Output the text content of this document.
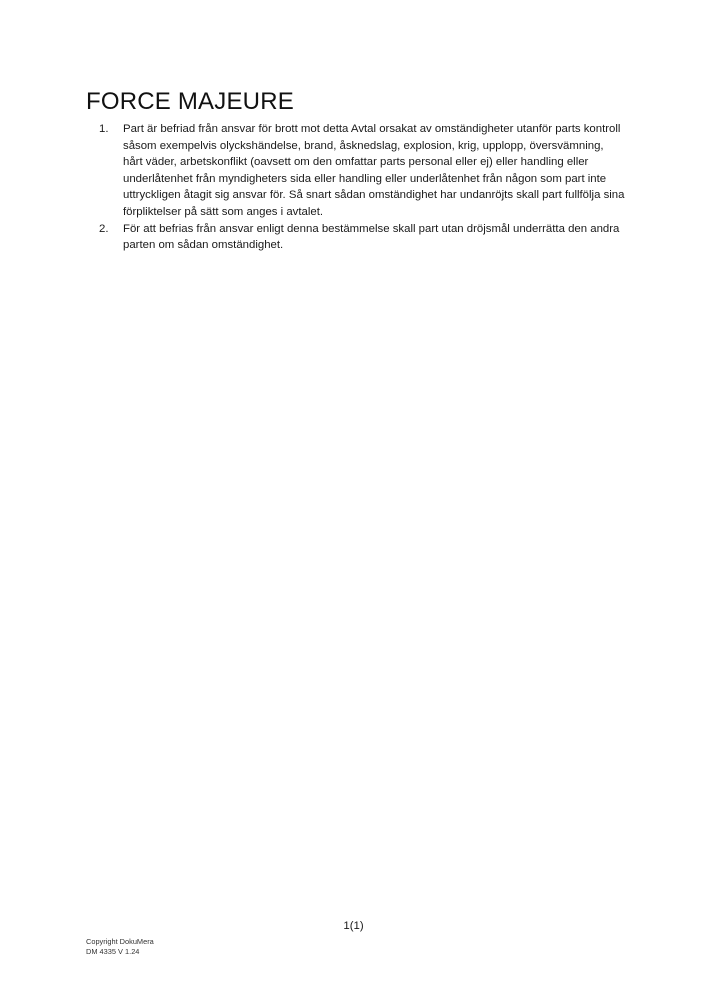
FORCE MAJEURE
1.	Part är befriad från ansvar för brott mot detta Avtal orsakat av omständigheter utanför parts kontroll såsom exempelvis olyckshändelse, brand, åsknedslag, explosion, krig, upplopp, översvämning, hårt väder, arbetskonflikt (oavsett om den omfattar parts personal eller ej) eller handling eller underlåtenhet från myndigheters sida eller handling eller underlåtenhet från någon som part inte uttryckligen åtagit sig ansvar för. Så snart sådan omständighet har undanröjts skall part fullfölja sina förpliktelser på sätt som anges i avtalet.
2.	För att befrias från ansvar enligt denna bestämmelse skall part utan dröjsmål underrätta den andra parten om sådan omständighet.
1(1)
Copyright DokuMera
DM 4335 V 1.24
